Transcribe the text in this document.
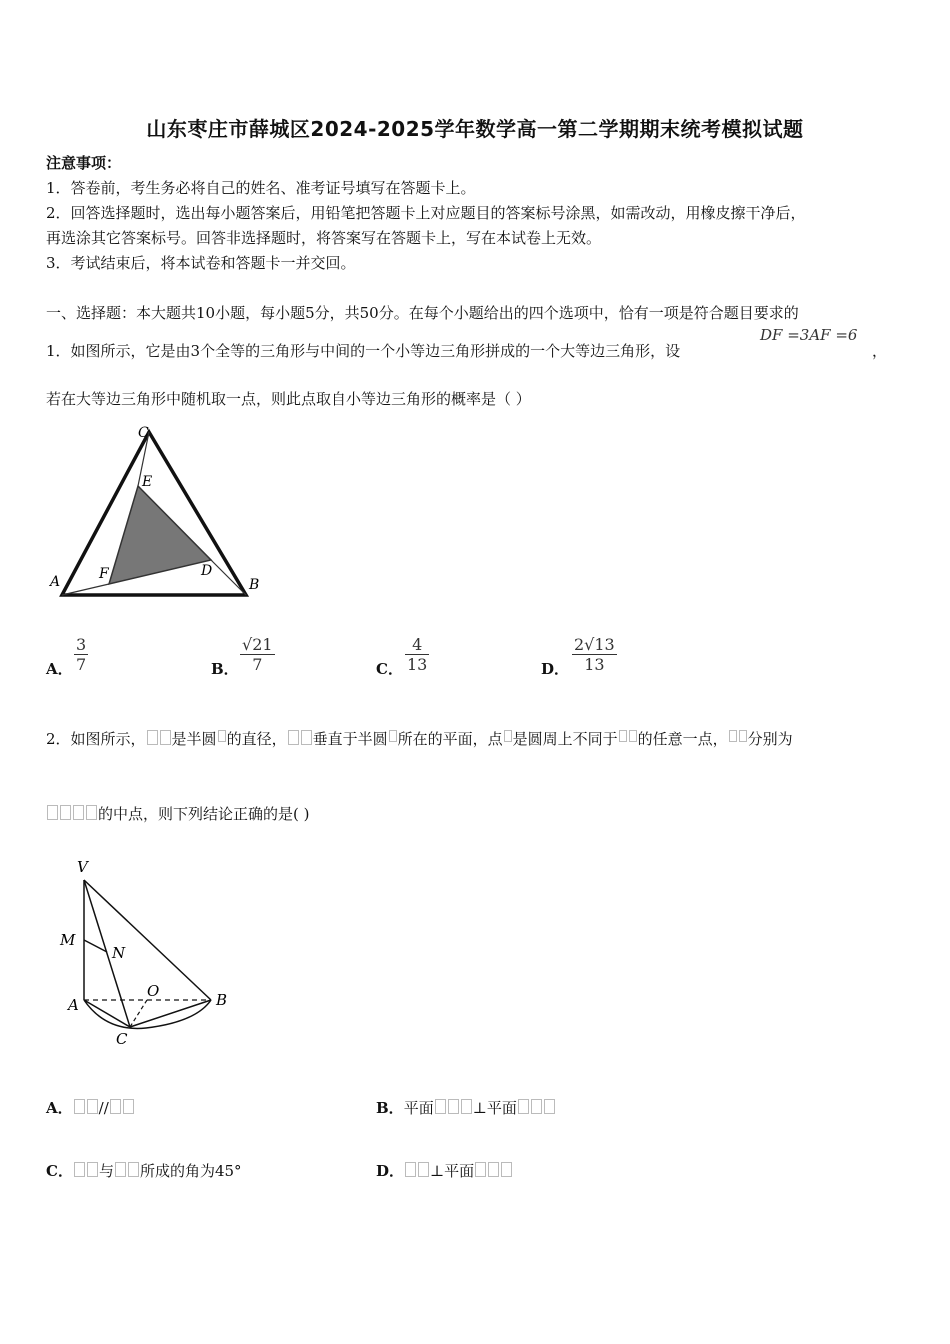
山东枣庄市薛城区2024-2025学年数学高一第二学期期末统考模拟试题
注意事项：
1．答卷前，考生务必将自己的姓名、准考证号填写在答题卡上。
2．回答选择题时，选出每小题答案后，用铅笔把答题卡上对应题目的答案标号涂黑，如需改动，用橡皮擦干净后，
再选涂其它答案标号。回答非选择题时，将答案写在答题卡上，写在本试卷上无效。
3．考试结束后，将本试卷和答题卡一并交回。
一、选择题：本大题共10小题，每小题5分，共50分。在每个小题给出的四个选项中，恰有一项是符合题目要求的
1．如图所示，它是由3个全等的三角形与中间的一个小等边三角形拼成的一个大等边三角形，设
DF =3AF =6
，
若在大等边三角形中随机取一点，则此点取自小等边三角形的概率是（ ）
C
E
A	F	D
B
A． $\frac{3}{7}$	B． $\frac{√21}{7}$	C． $\frac{4}{13}$	D． $\frac{2√13}{13}$
2．如图所示， 是半圆 的直径， 垂直于半圆 所在的平面，点 是圆周上不同于 的任意一点， 分别为
的中点，则下列结论正确的是( )
V
M
N
O
A	B
C
A． //	B．平面	⊥平面
C． 与 所成的角为45°	D． ⊥平面
